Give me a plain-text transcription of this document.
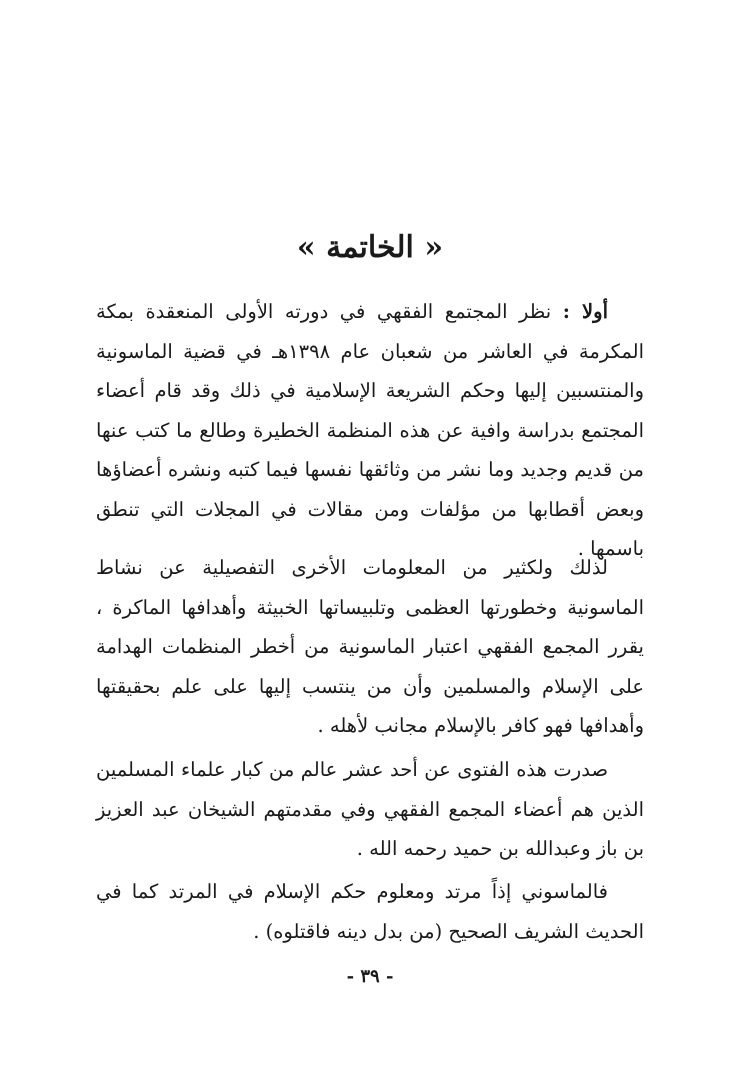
« الخاتمة »

أولا : نظر المجتمع الفقهي في دورته الأولى المنعقدة بمكة المكرمة في العاشر من شعبان عام ١٣٩٨هـ في قضية الماسونية والمنتسبين إليها وحكم الشريعة الإسلامية في ذلك وقد قام أعضاء المجتمع بدراسة وافية عن هذه المنظمة الخطيرة وطالع ما كتب عنها من قديم وجديد وما نشر من وثائقها نفسها فيما كتبه ونشره أعضاؤها وبعض أقطابها من مؤلفات ومن مقالات في المجلات التي تنطق باسمها .

لذلك ولكثير من المعلومات الأخرى التفصيلية عن نشاط الماسونية وخطورتها العظمى وتلبيساتها الخبيثة وأهدافها الماكرة ، يقرر المجمع الفقهي اعتبار الماسونية من أخطر المنظمات الهدامة على الإسلام والمسلمين وأن من ينتسب إليها على علم بحقيقتها وأهدافها فهو كافر بالإسلام مجانب لأهله .

صدرت هذه الفتوى عن أحد عشر عالم من كبار علماء المسلمين الذين هم أعضاء المجمع الفقهي وفي مقدمتهم الشيخان عبد العزيز بن باز وعبدالله بن حميد رحمه الله .

فالماسوني إذاً مرتد ومعلوم حكم الإسلام في المرتد كما في الحديث الشريف الصحيح (من بدل دينه فاقتلوه) .

- ٣٩ -
